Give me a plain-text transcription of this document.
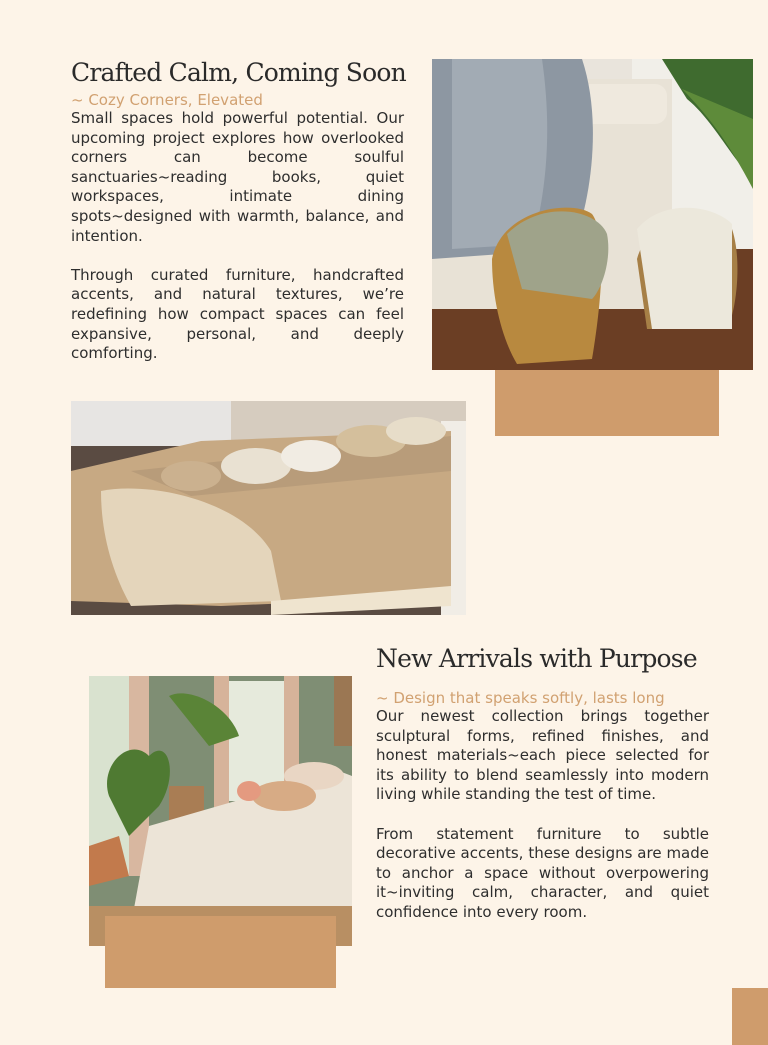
Crafted Calm, Coming Soon

~ Cozy Corners, Elevated

Small spaces hold powerful potential. Our upcoming project explores how overlooked corners can become soulful sanctuaries~reading books, quiet workspaces, intimate dining spots~designed with warmth, balance, and intention.

Through curated furniture, handcrafted accents, and natural textures, we’re redefining how compact spaces can feel expansive, personal, and deeply comforting.

New Arrivals with Purpose

~ Design that speaks softly, lasts long

Our newest collection brings together sculptural forms, refined finishes, and honest materials~each piece selected for its ability to blend seamlessly into modern living while standing the test of time.

From statement furniture to subtle decorative accents, these designs are made to anchor a space without overpowering it~inviting calm, character, and quiet confidence into every room.
